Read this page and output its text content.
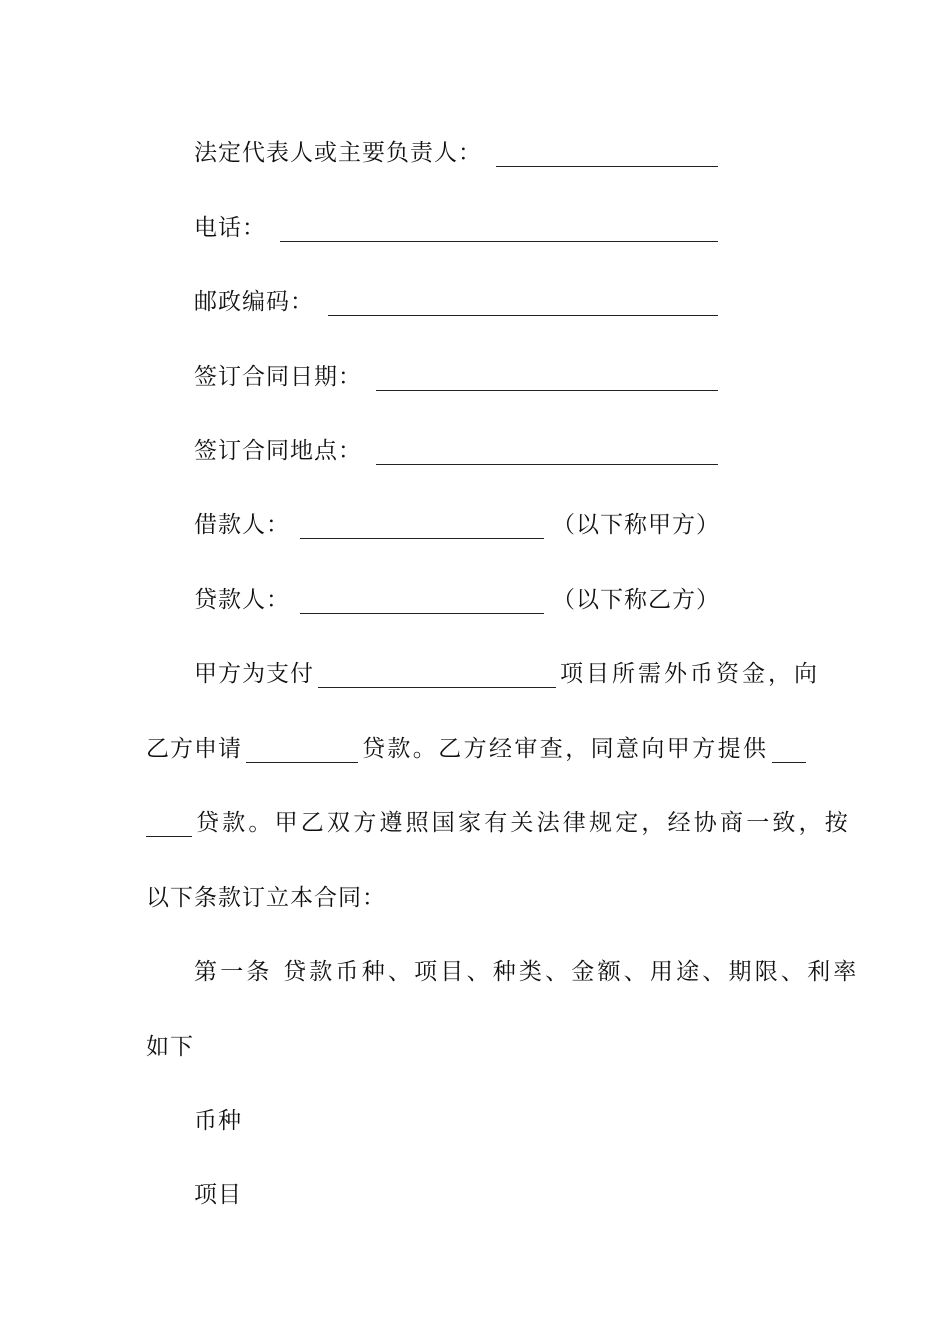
法定代表人或主要负责人：
电话：
邮政编码：
签订合同日期：
签订合同地点：
借款人：	（以下称甲方）
贷款人：	（以下称乙方）
甲方为支付	项目所需外币资金，向
乙方申请	贷款。乙方经审查，同意向甲方提供
贷款。甲乙双方遵照国家有关法律规定，经协商一致，按
以下条款订立本合同：
第一条 贷款币种、项目、种类、金额、用途、期限、利率
如下
币种
项目
